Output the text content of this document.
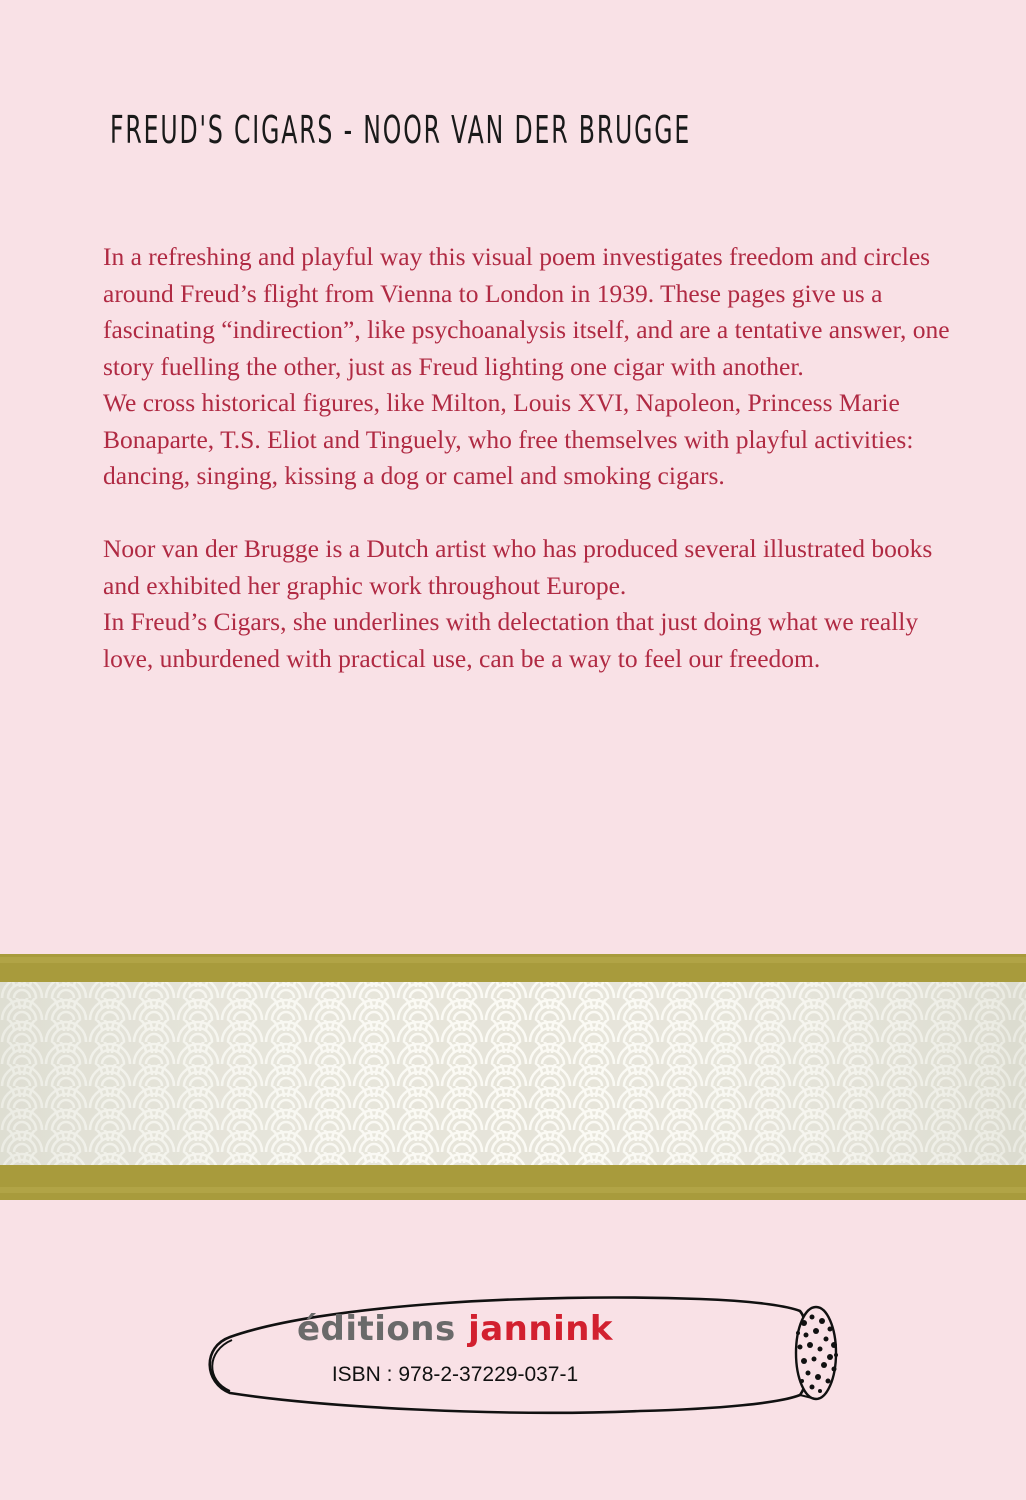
FREUD'S CIGARS - NOOR VAN DER BRUGGE

In a refreshing and playful way this visual poem investigates freedom and circles around Freud’s flight from Vienna to London in 1939. These pages give us a fascinating “indirection”, like psychoanalysis itself, and are a tentative answer, one story fuelling the other, just as Freud lighting one cigar with another.

We cross historical figures, like Milton, Louis XVI, Napoleon, Princess Marie Bonaparte, T.S. Eliot and Tinguely, who free themselves with playful activities: dancing, singing, kissing a dog or camel and smoking cigars.

Noor van der Brugge is a Dutch artist who has produced several illustrated books and exhibited her graphic work throughout Europe.

In Freud’s Cigars, she underlines with delectation that just doing what we really love, unburdened with practical use, can be a way to feel our freedom.

éditions jannink
ISBN : 978-2-37229-037-1
